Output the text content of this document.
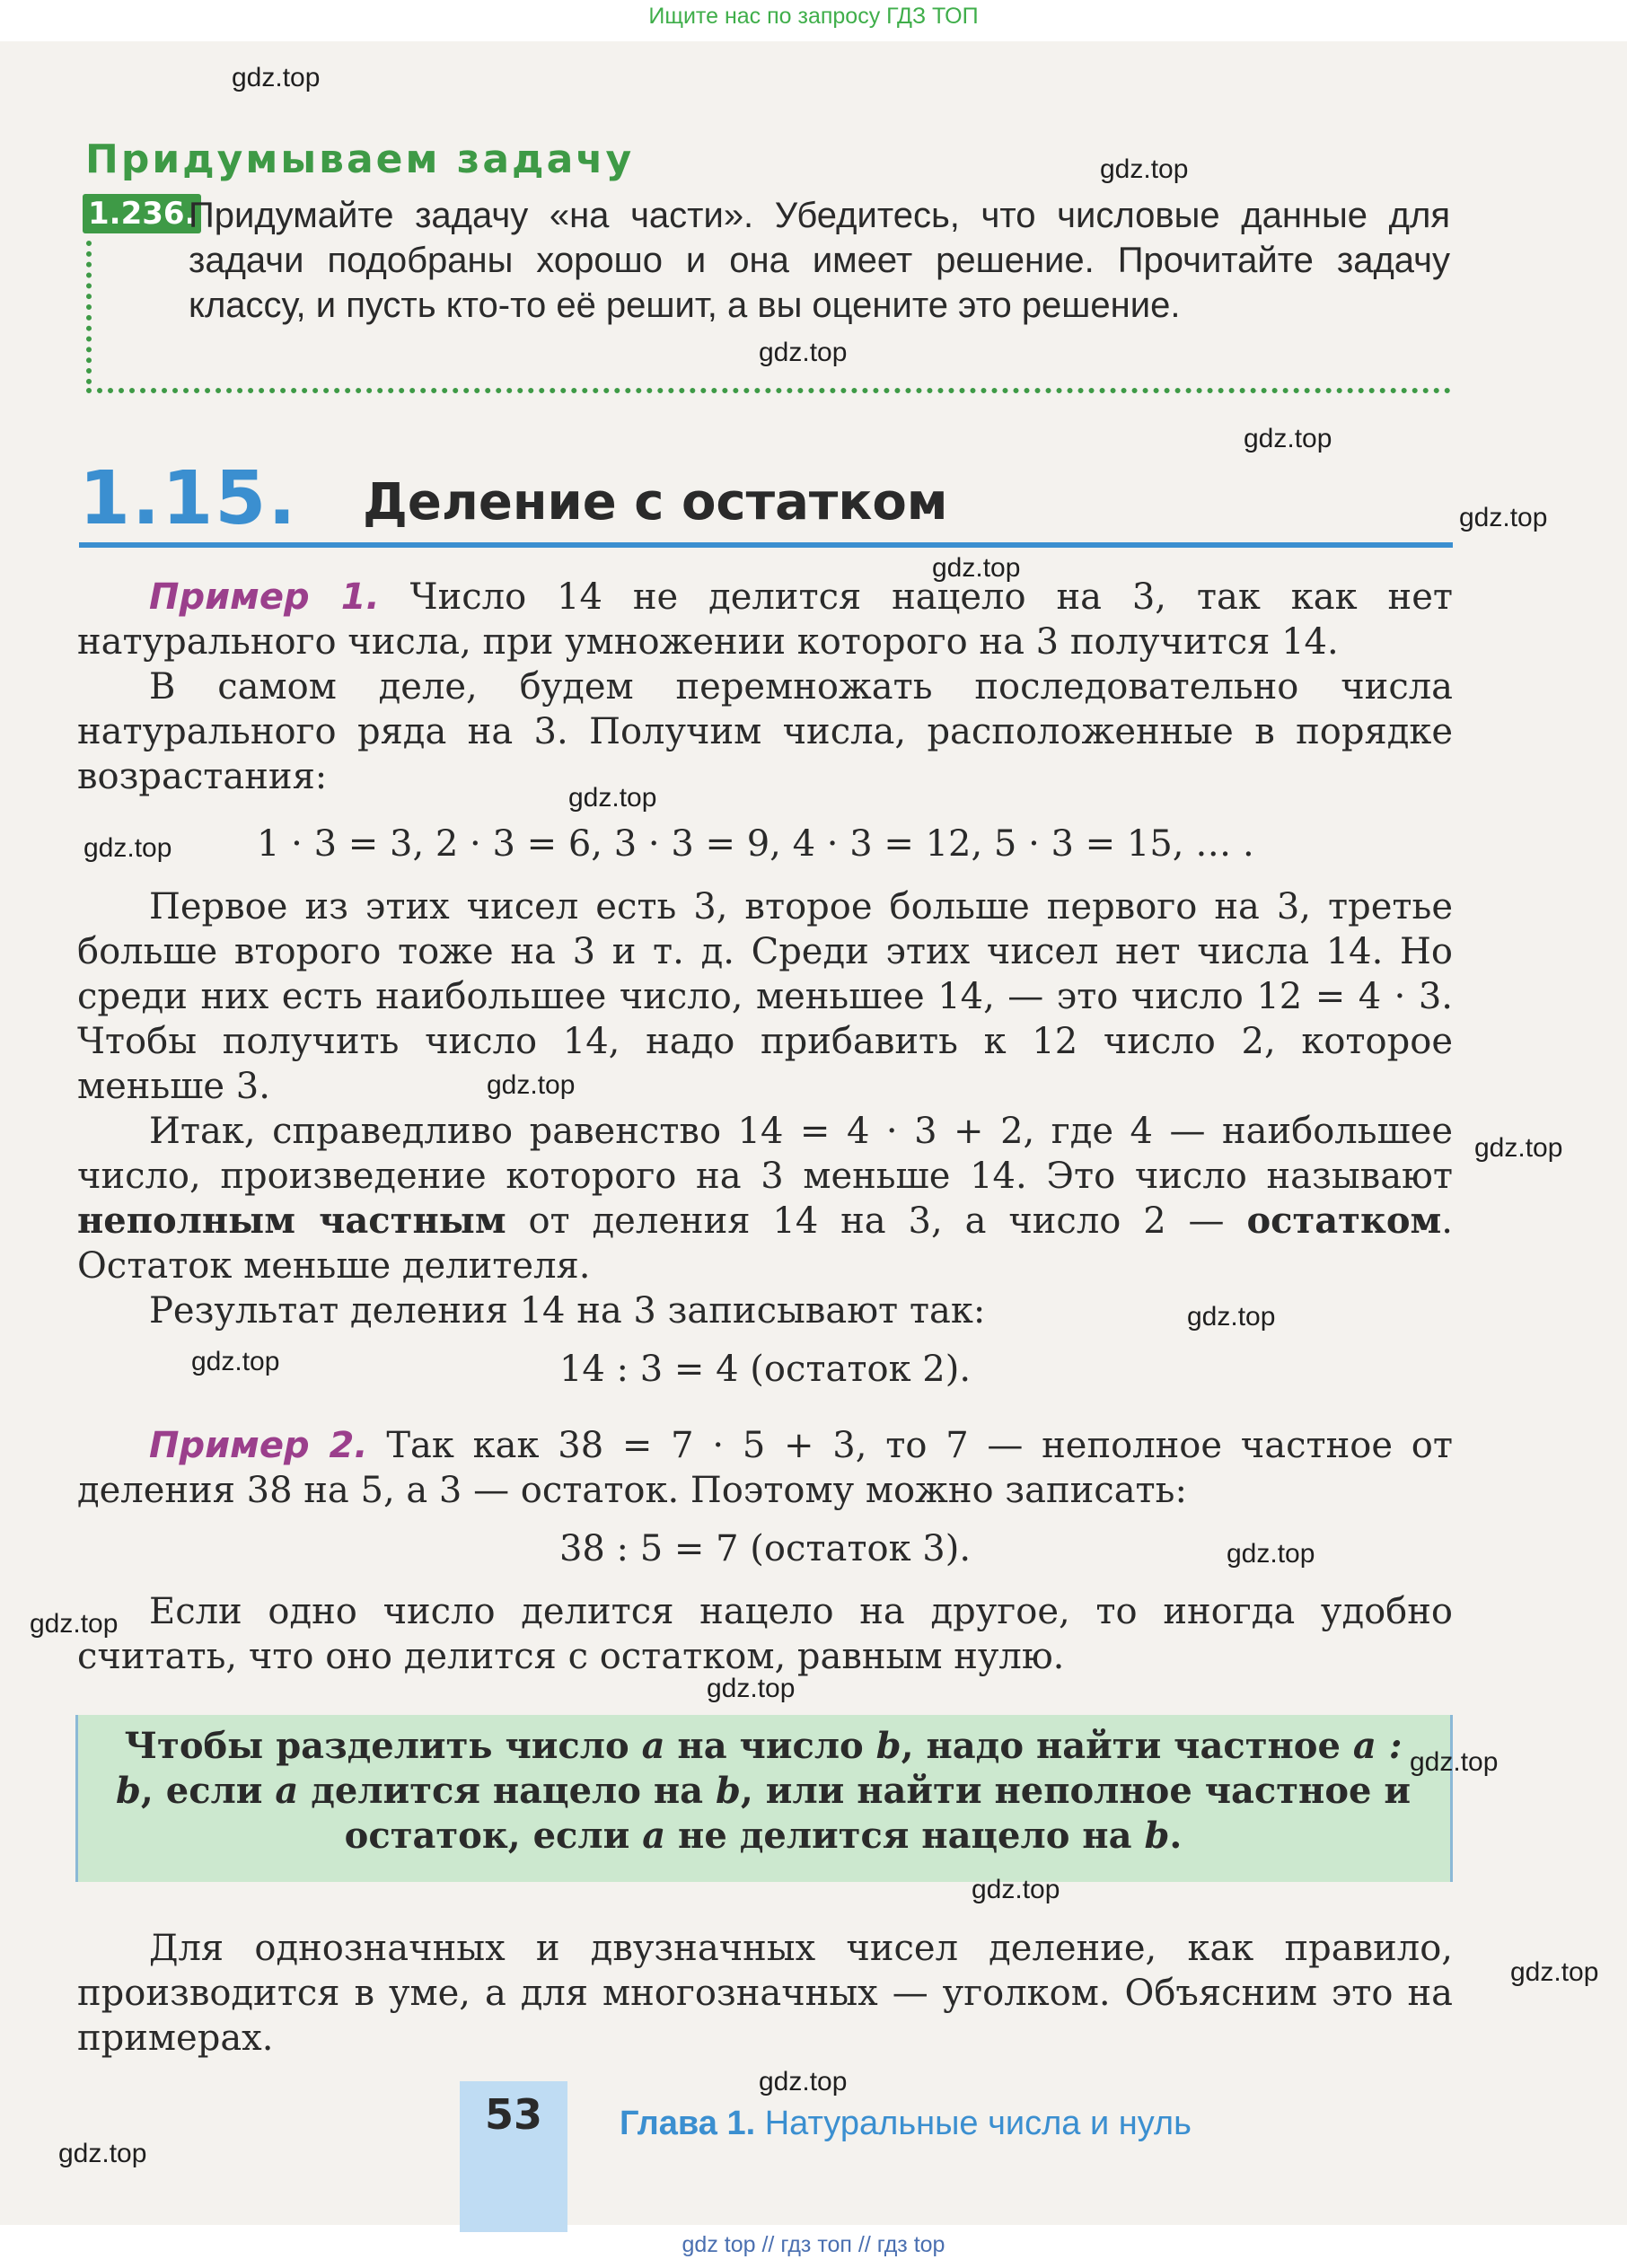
Ищите нас по запросу ГДЗ ТОП
Придумываем задачу
1.236.
Придумайте задачу «на части». Убедитесь, что числовые данные для задачи подобраны хорошо и она имеет решение. Прочитайте задачу классу, и пусть кто-то её решит, а вы оцените это решение.
1.15. Деление с остатком
Пример 1. Число 14 не делится нацело на 3, так как нет натурального числа, при умножении которого на 3 получится 14.
В самом деле, будем перемножать последовательно числа натурального ряда на 3. Получим числа, расположенные в порядке возрастания:
1 · 3 = 3, 2 · 3 = 6, 3 · 3 = 9, 4 · 3 = 12, 5 · 3 = 15, … .
Первое из этих чисел есть 3, второе больше первого на 3, третье больше второго тоже на 3 и т. д. Среди этих чисел нет числа 14. Но среди них есть наибольшее число, меньшее 14, — это число 12 = 4 · 3. Чтобы получить число 14, надо прибавить к 12 число 2, которое меньше 3.
Итак, справедливо равенство 14 = 4 · 3 + 2, где 4 — наибольшее число, произведение которого на 3 меньше 14. Это число называют неполным частным от деления 14 на 3, а число 2 — остатком. Остаток меньше делителя.
Результат деления 14 на 3 записывают так:
14 : 3 = 4 (остаток 2).
Пример 2. Так как 38 = 7 · 5 + 3, то 7 — неполное частное от деления 38 на 5, а 3 — остаток. Поэтому можно записать:
38 : 5 = 7 (остаток 3).
Если одно число делится нацело на другое, то иногда удобно считать, что оно делится с остатком, равным нулю.
Чтобы разделить число a на число b, надо найти частное a : b, если a делится нацело на b, или найти неполное частное и остаток, если a не делится нацело на b.
Для однозначных и двузначных чисел деление, как правило, производится в уме, а для многозначных — уголком. Объясним это на примерах.
53	Глава 1. Натуральные числа и нуль
gdz.top
gdz.top
gdz.top
gdz.top
gdz.top
gdz.top
gdz.top
gdz.top
gdz.top
gdz.top
gdz.top
gdz.top
gdz.top
gdz.top
gdz.top
gdz.top
gdz.top
gdz.top
gdz.top
gdz.top
gdz top // гдз топ // гдз top
